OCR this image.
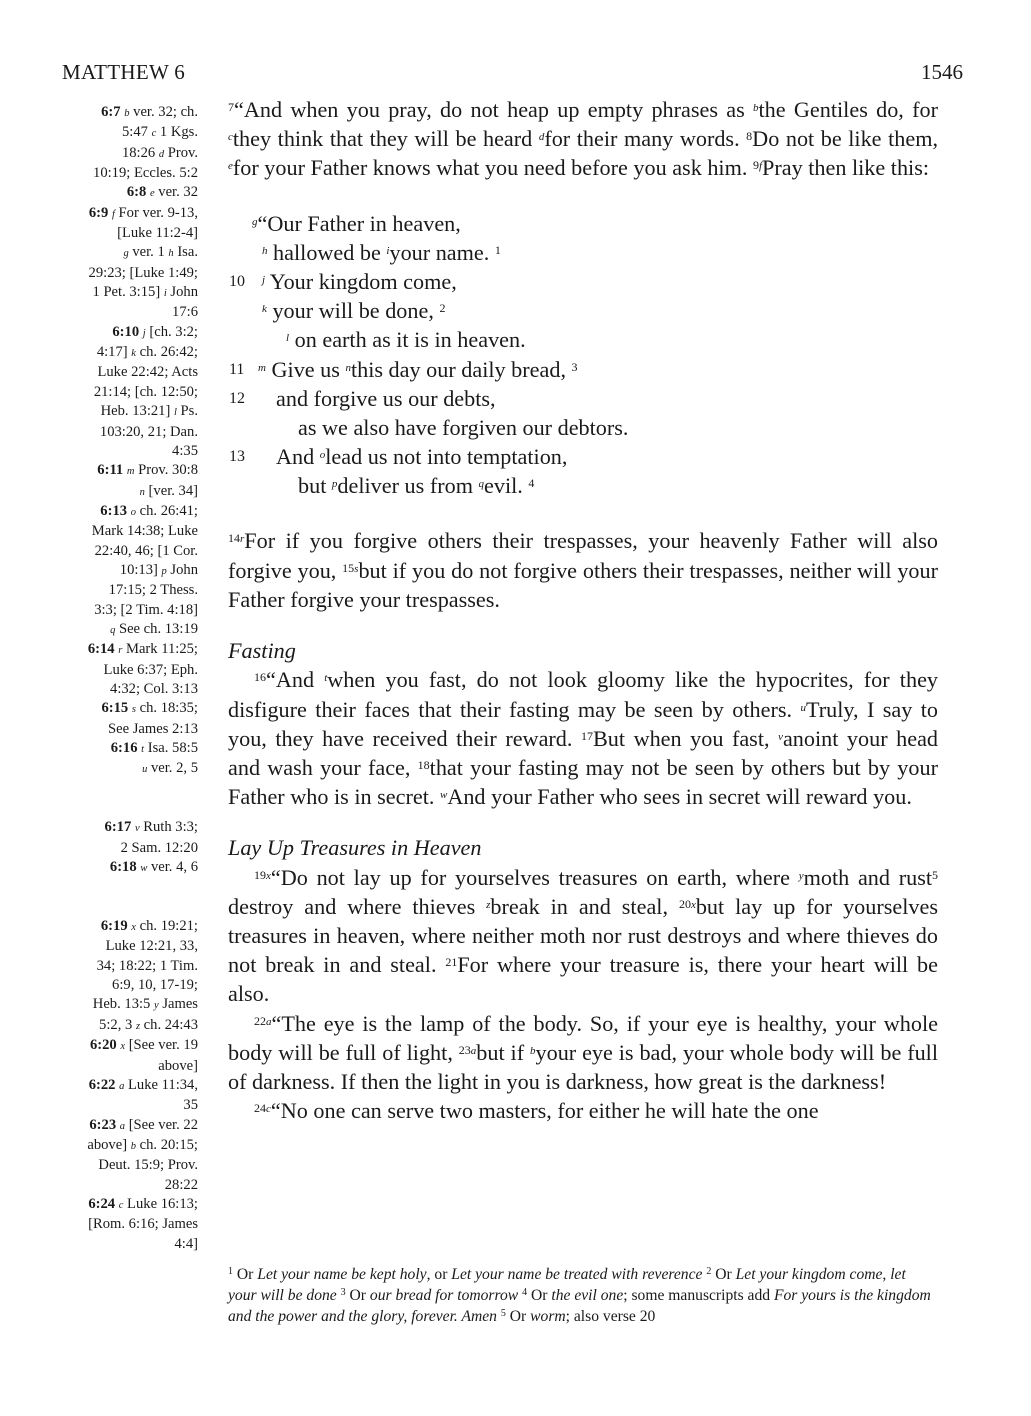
MATTHEW 6	1546
6:7 b ver. 32; ch.
5:47 c 1 Kgs.
18:26 d Prov.
10:19; Eccles. 5:2
6:8 e ver. 32
6:9 f For ver. 9-13,
[Luke 11:2-4]
g ver. 1 h Isa.
29:23; [Luke 1:49;
1 Pet. 3:15] i John
17:6
6:10 j [ch. 3:2;
4:17] k ch. 26:42;
Luke 22:42; Acts
21:14; [ch. 12:50;
Heb. 13:21] l Ps.
103:20, 21; Dan.
4:35
6:11 m Prov. 30:8
n [ver. 34]
6:13 o ch. 26:41;
Mark 14:38; Luke
22:40, 46; [1 Cor.
10:13] p John
17:15; 2 Thess.
3:3; [2 Tim. 4:18]
q See ch. 13:19
6:14 r Mark 11:25;
Luke 6:37; Eph.
4:32; Col. 3:13
6:15 s ch. 18:35;
See James 2:13
6:16 t Isa. 58:5
u ver. 2, 5

6:17 v Ruth 3:3;
2 Sam. 12:20
6:18 w ver. 4, 6

6:19 x ch. 19:21;
Luke 12:21, 33,
34; 18:22; 1 Tim.
6:9, 10, 17-19;
Heb. 13:5 y James
5:2, 3 z ch. 24:43
6:20 x [See ver. 19
above]
6:22 a Luke 11:34,
35
6:23 a [See ver. 22
above] b ch. 20:15;
Deut. 15:9; Prov.
28:22
6:24 c Luke 16:13;
[Rom. 6:16; James
4:4]

$^7$“And when you pray, do not heap up empty phrases as $^b$the Gentiles do, for $^c$they think that they will be heard $^d$for their many words. $^8$Do not be like them, $^e$for your Father knows what you need before you ask him. $^{9f}$Pray then like this:

$^g$“Our Father in heaven,
$^h$ hallowed be $^i$your name. $^1$
10 $^j$ Your kingdom come,
$^k$ your will be done, $^2$
$^l$ on earth as it is in heaven.
11 $^m$ Give us $^n$this day our daily bread, $^3$
12 and forgive us our debts,
as we also have forgiven our debtors.
13 And $^o$lead us not into temptation,
but $^p$deliver us from $^q$evil. $^4$

$^{14r}$For if you forgive others their trespasses, your heavenly Father will also forgive you, $^{15s}$but if you do not forgive others their trespasses, neither will your Father forgive your trespasses.

Fasting

$^{16}$“And $^t$when you fast, do not look gloomy like the hypocrites, for they disfigure their faces that their fasting may be seen by others. $^u$Truly, I say to you, they have received their reward. $^{17}$But when you fast, $^v$anoint your head and wash your face, $^{18}$that your fasting may not be seen by others but by your Father who is in secret. $^w$And your Father who sees in secret will reward you.

Lay Up Treasures in Heaven

$^{19x}$“Do not lay up for yourselves treasures on earth, where $^y$moth and rust$^5$ destroy and where thieves $^z$break in and steal, $^{20x}$but lay up for yourselves treasures in heaven, where neither moth nor rust destroys and where thieves do not break in and steal. $^{21}$For where your treasure is, there your heart will be also.

$^{22a}$“The eye is the lamp of the body. So, if your eye is healthy, your whole body will be full of light, $^{23a}$but if $^b$your eye is bad, your whole body will be full of darkness. If then the light in you is darkness, how great is the darkness!

$^{24c}$“No one can serve two masters, for either he will hate the one

$^1$ Or Let your name be kept holy, or Let your name be treated with reverence $^2$ Or Let your kingdom come, let your will be done $^3$ Or our bread for tomorrow $^4$ Or the evil one; some manuscripts add For yours is the kingdom and the power and the glory, forever. Amen $^5$ Or worm; also verse 20
